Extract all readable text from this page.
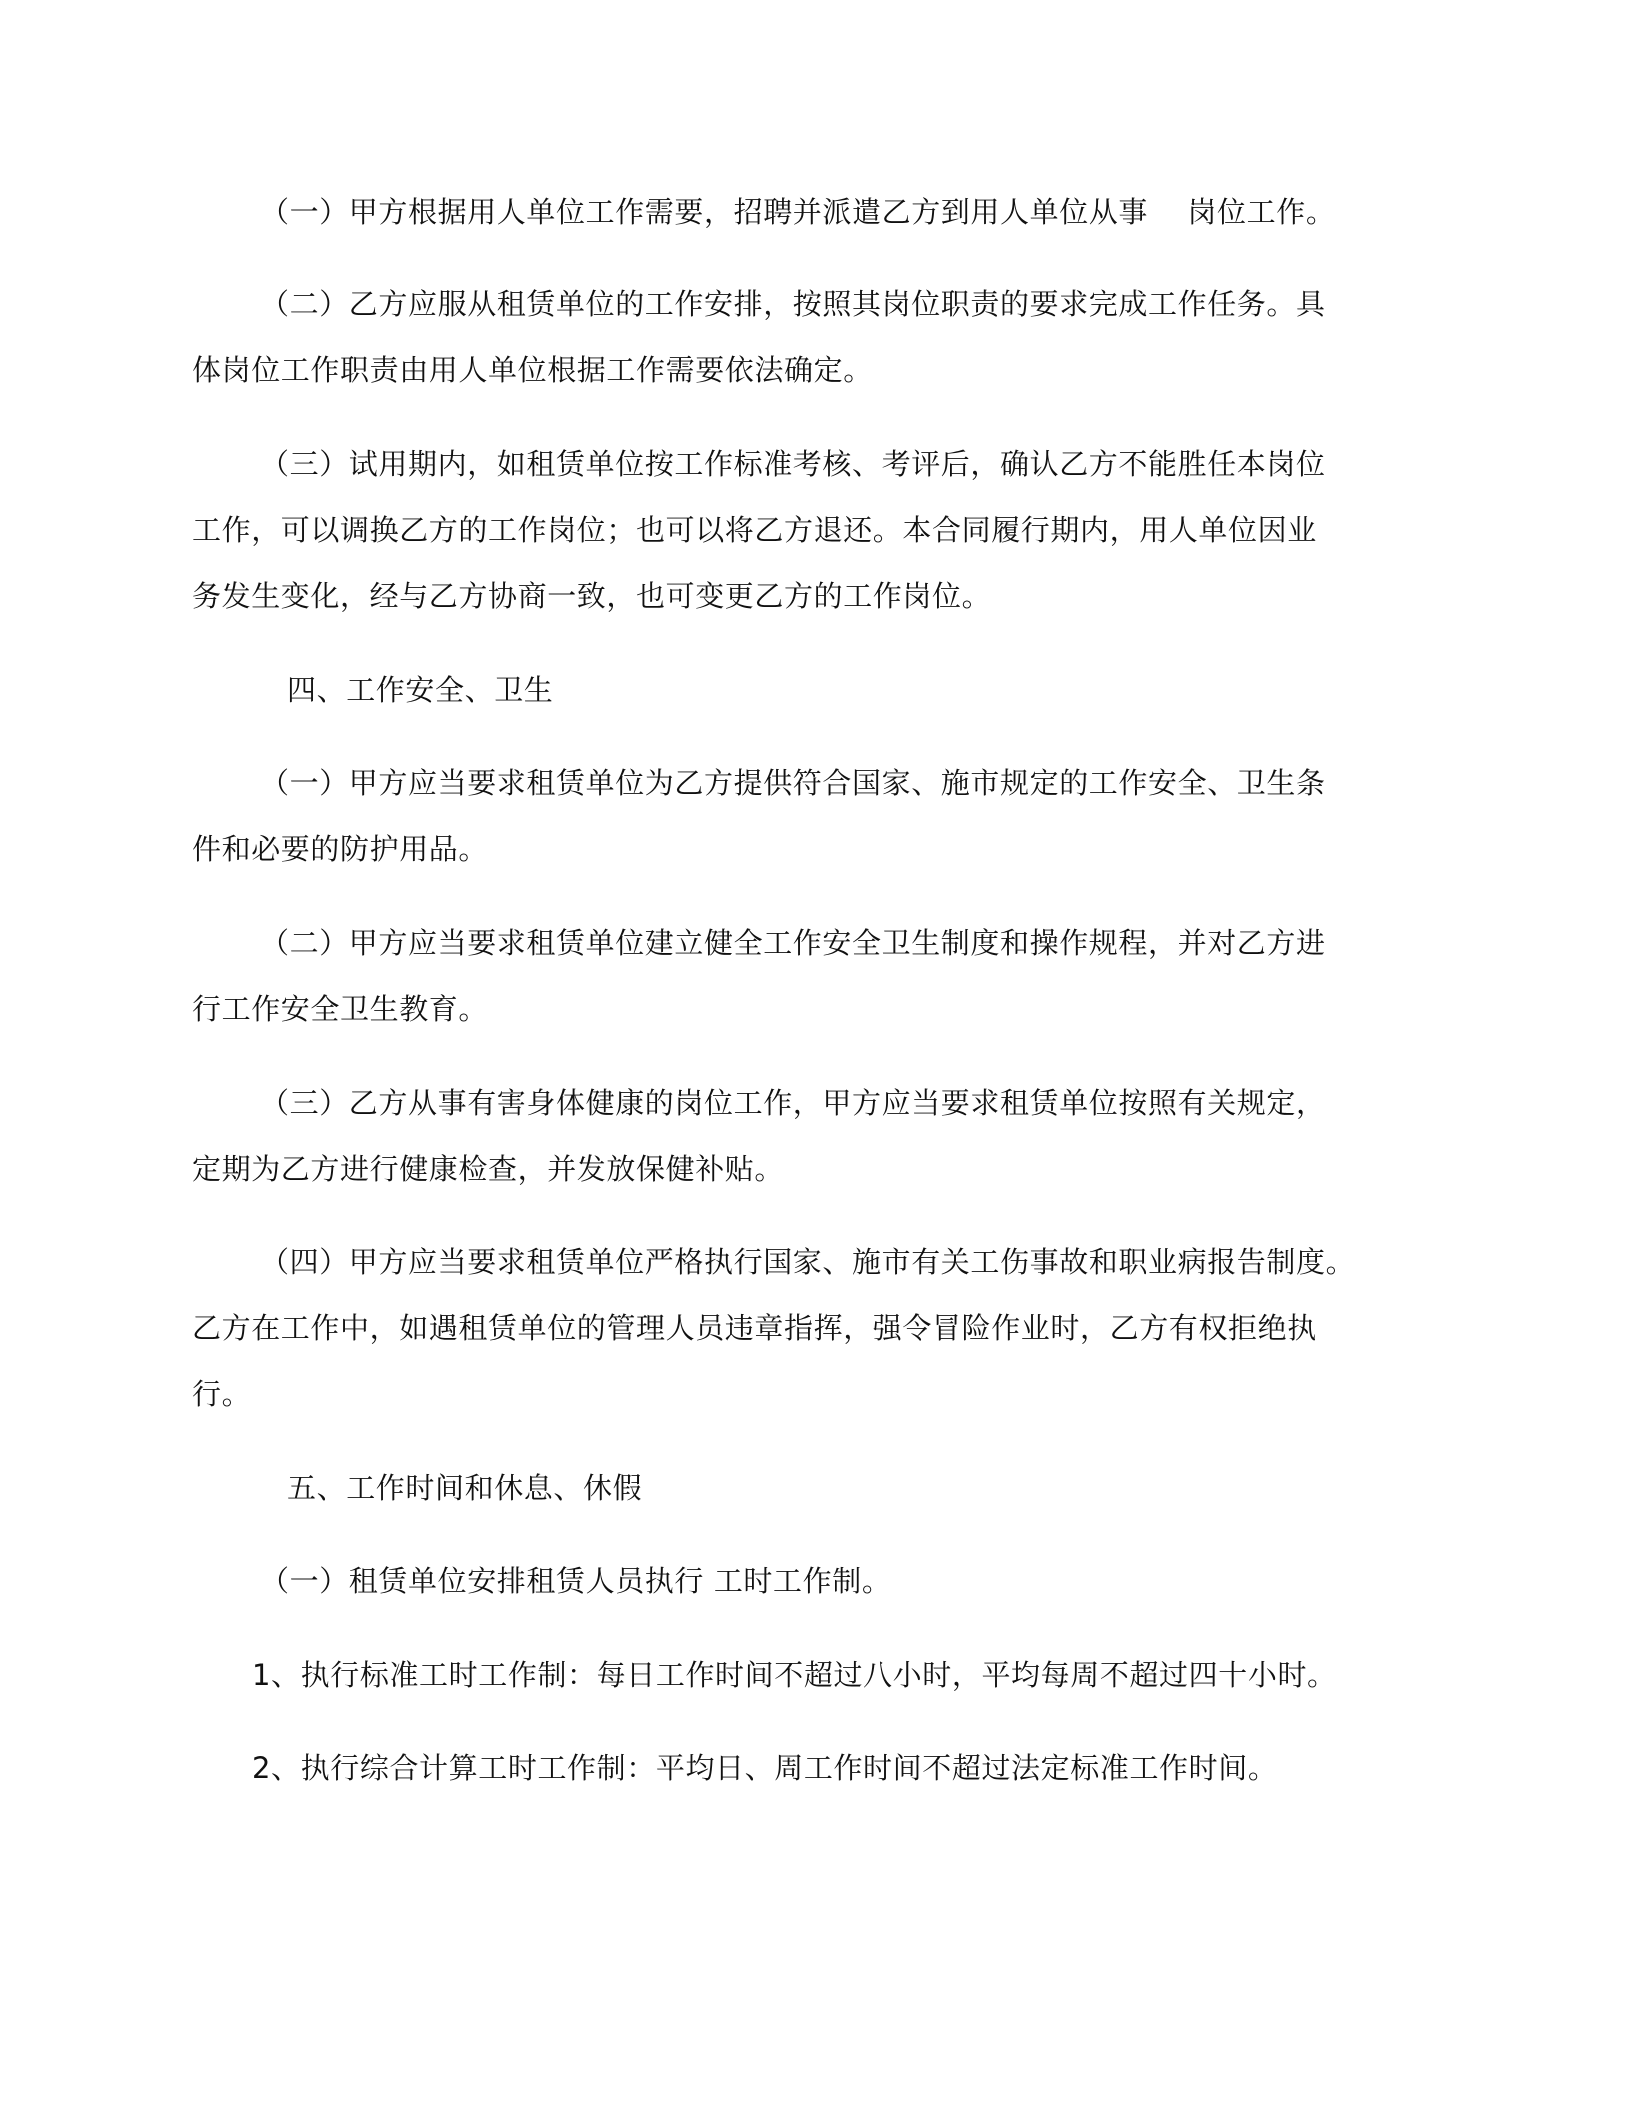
（一）甲方根据用人单位工作需要，招聘并派遣乙方到用人单位从事　 岗位工作。
（二）乙方应服从租赁单位的工作安排，按照其岗位职责的要求完成工作任务。具
体岗位工作职责由用人单位根据工作需要依法确定。
（三）试用期内，如租赁单位按工作标准考核、考评后，确认乙方不能胜任本岗位
工作，可以调换乙方的工作岗位；也可以将乙方退还。本合同履行期内，用人单位因业
务发生变化，经与乙方协商一致，也可变更乙方的工作岗位。
四、工作安全、卫生
（一）甲方应当要求租赁单位为乙方提供符合国家、施市规定的工作安全、卫生条
件和必要的防护用品。
（二）甲方应当要求租赁单位建立健全工作安全卫生制度和操作规程，并对乙方进
行工作安全卫生教育。
（三）乙方从事有害身体健康的岗位工作，甲方应当要求租赁单位按照有关规定，
定期为乙方进行健康检查，并发放保健补贴。
（四）甲方应当要求租赁单位严格执行国家、施市有关工伤事故和职业病报告制度。
乙方在工作中，如遇租赁单位的管理人员违章指挥，强令冒险作业时，乙方有权拒绝执
行。
五、工作时间和休息、休假
（一）租赁单位安排租赁人员执行 工时工作制。
1、执行标准工时工作制：每日工作时间不超过八小时，平均每周不超过四十小时。
2、执行综合计算工时工作制：平均日、周工作时间不超过法定标准工作时间。
